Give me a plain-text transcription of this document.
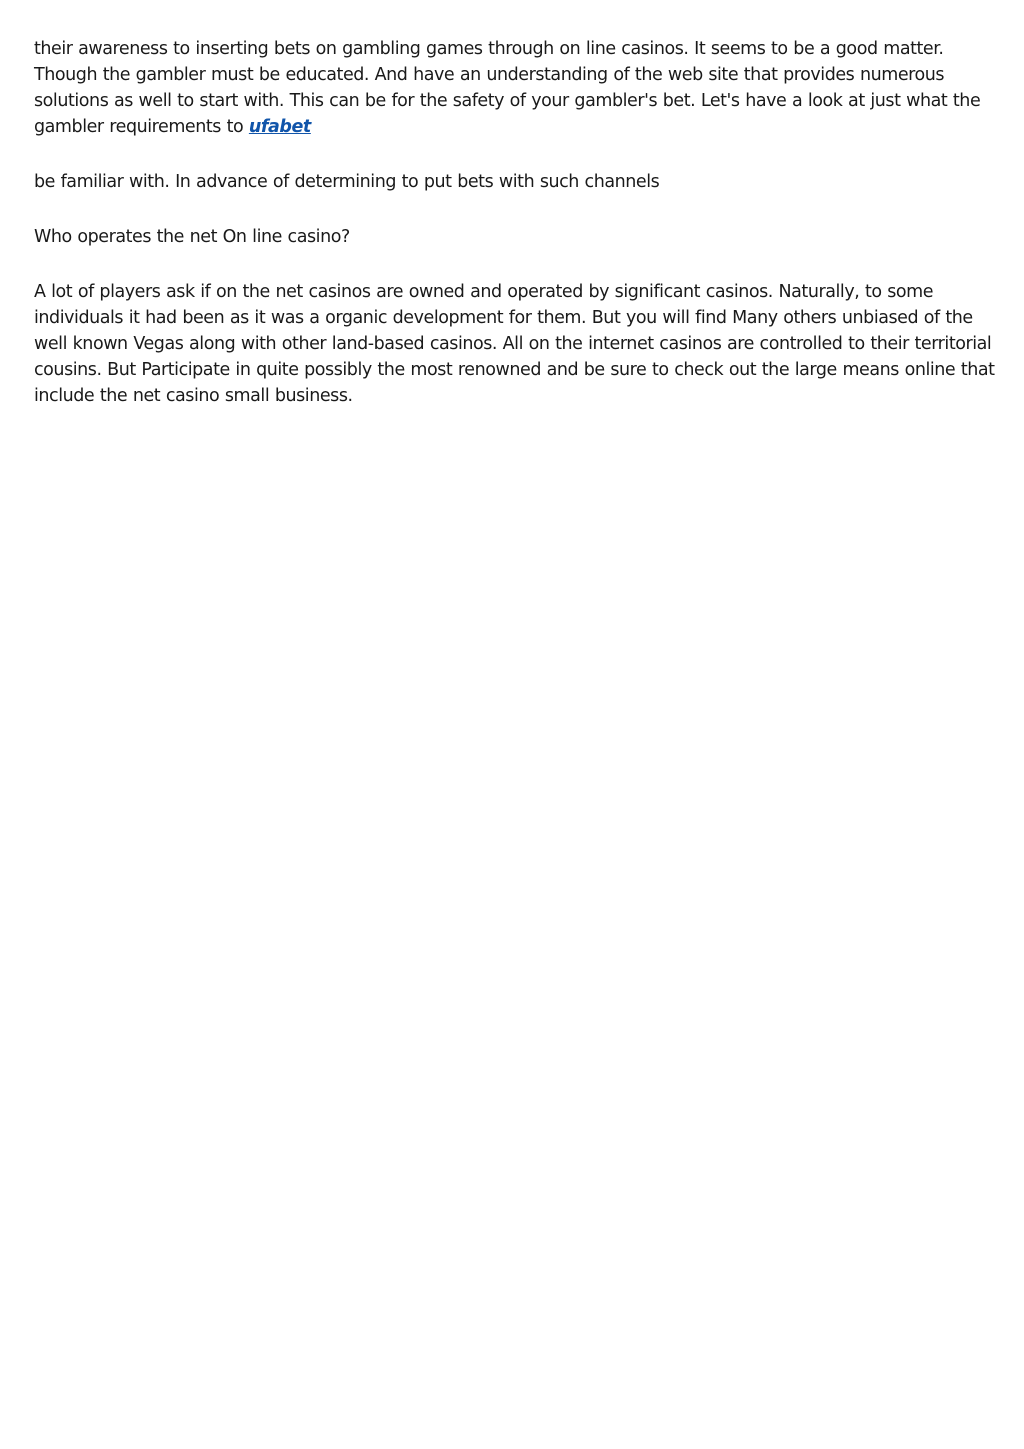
their awareness to inserting bets on gambling games through on line casinos. It seems to be a good matter. Though the gambler must be educated. And have an understanding of the web site that provides numerous solutions as well to start with. This can be for the safety of your gambler's bet. Let's have a look at just what the gambler requirements to ufabet

be familiar with. In advance of determining to put bets with such channels

Who operates the net On line casino?

A lot of players ask if on the net casinos are owned and operated by significant casinos. Naturally, to some individuals it had been as it was a organic development for them. But you will find Many others unbiased of the well known Vegas along with other land-based casinos. All on the internet casinos are controlled to their territorial cousins. But Participate in quite possibly the most renowned and be sure to check out the large means online that include the net casino small business.
